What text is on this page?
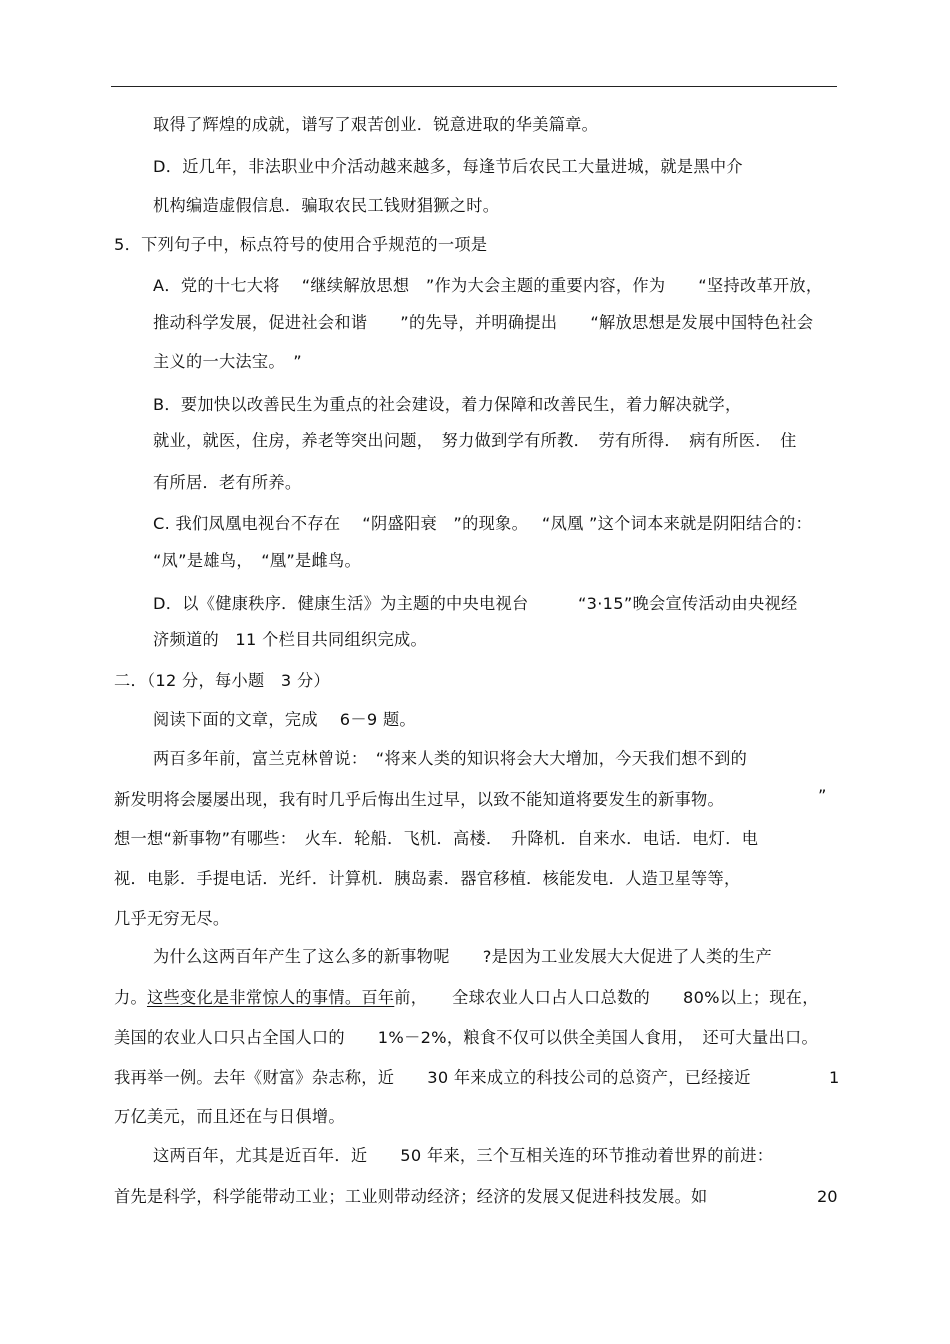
取得了辉煌的成就，谱写了艰苦创业．锐意进取的华美篇章。
D．近几年，非法职业中介活动越来越多，每逢节后农民工大量进城，就是黑中介
机构编造虚假信息．骗取农民工钱财猖獗之时。
5．下列句子中，标点符号的使用合乎规范的一项是
A．党的十七大将　 “继续解放思想　”作为大会主题的重要内容，作为　　“坚持改革开放，
推动科学发展，促进社会和谐　　”的先导，并明确提出　　“解放思想是发展中国特色社会
主义的一大法宝。　”
B．要加快以改善民生为重点的社会建设，着力保障和改善民生，着力解决就学，
就业，就医，住房，养老等突出问题，　努力做到学有所教．　劳有所得．　病有所医．　住
有所居．老有所养。
C. 我们凤凰电视台不存在　 “阴盛阳衰　”的现象。　 “凤凰 ”这个词本来就是阴阳结合的：
“凤”是雄鸟，　“凰”是雌鸟。
D．以《健康秩序．健康生活》为主题的中央电视台　　　“3·15”晚会宣传活动由央视经
济频道的　11 个栏目共同组织完成。
二．（12 分，每小题　3 分）
阅读下面的文章，完成　 6－9 题。
两百多年前，富兰克林曾说：　“将来人类的知识将会大大增加，今天我们想不到的
新发明将会屡屡出现，我有时几乎后悔出生过早，以致不能知道将要发生的新事物。	”
想一想“新事物”有哪些：　火车．轮船．飞机．高楼．　升降机．自来水．电话．电灯．电
视．电影．手提电话．光纤．计算机．胰岛素．器官移植．核能发电．人造卫星等等，
几乎无穷无尽。
为什么这两百年产生了这么多的新事物呢　　?是因为工业发展大大促进了人类的生产
力。这些变化是非常惊人的事情。百年前，　　全球农业人口占人口总数的　　80%以上；现在，
美国的农业人口只占全国人口的　　1%－2%，粮食不仅可以供全美国人食用，　还可大量出口。
我再举一例。去年《财富》杂志称，近　　30 年来成立的科技公司的总资产，已经接近	1
万亿美元，而且还在与日俱增。
这两百年，尤其是近百年．近　　50 年来，三个互相关连的环节推动着世界的前进：
首先是科学，科学能带动工业；工业则带动经济；经济的发展又促进科技发展。如	20
